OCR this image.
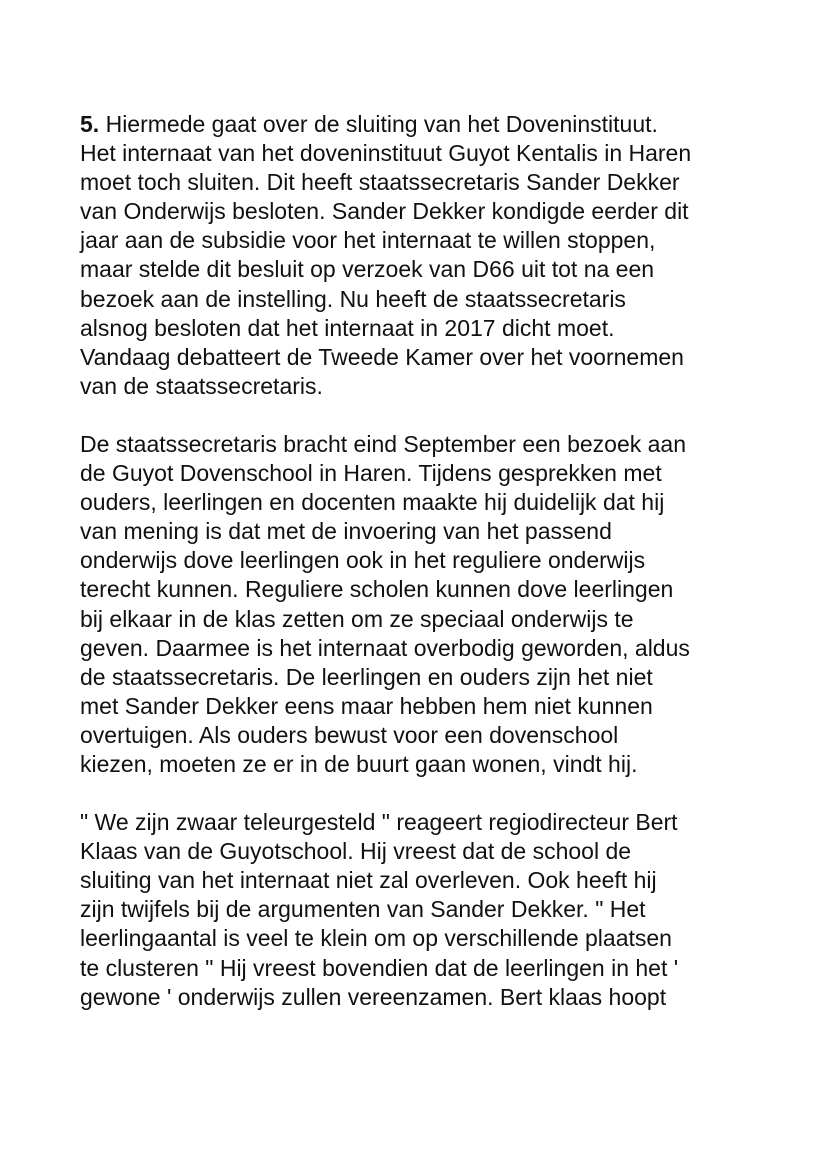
5. Hiermede gaat over de sluiting van het Doveninstituut.
Het internaat van het doveninstituut Guyot Kentalis in Haren
moet toch sluiten. Dit heeft staatssecretaris Sander Dekker
van Onderwijs besloten. Sander Dekker kondigde eerder dit
jaar aan de subsidie voor het internaat te willen stoppen,
maar stelde dit besluit op verzoek van D66 uit tot na een
bezoek aan de instelling. Nu heeft de staatssecretaris
alsnog besloten dat het internaat in 2017 dicht moet.
Vandaag debatteert de Tweede Kamer over het voornemen
van de staatssecretaris.

De staatssecretaris bracht eind September een bezoek aan
de Guyot Dovenschool in Haren. Tijdens gesprekken met
ouders, leerlingen en docenten maakte hij duidelijk dat hij
van mening is dat met de invoering van het passend
onderwijs dove leerlingen ook in het reguliere onderwijs
terecht kunnen. Reguliere scholen kunnen dove leerlingen
bij elkaar in de klas zetten om ze speciaal onderwijs te
geven. Daarmee is het internaat overbodig geworden, aldus
de staatssecretaris. De leerlingen en ouders zijn het niet
met Sander Dekker eens maar hebben hem niet kunnen
overtuigen. Als ouders bewust voor een dovenschool
kiezen, moeten ze er in de buurt gaan wonen, vindt hij.

" We zijn zwaar teleurgesteld " reageert regiodirecteur Bert
Klaas van de Guyotschool. Hij vreest dat de school de
sluiting van het internaat niet zal overleven. Ook heeft hij
zijn twijfels bij de argumenten van Sander Dekker. " Het
leerlingaantal is veel te klein om op verschillende plaatsen
te clusteren " Hij vreest bovendien dat de leerlingen in het '
gewone ' onderwijs zullen vereenzamen. Bert klaas hoopt
